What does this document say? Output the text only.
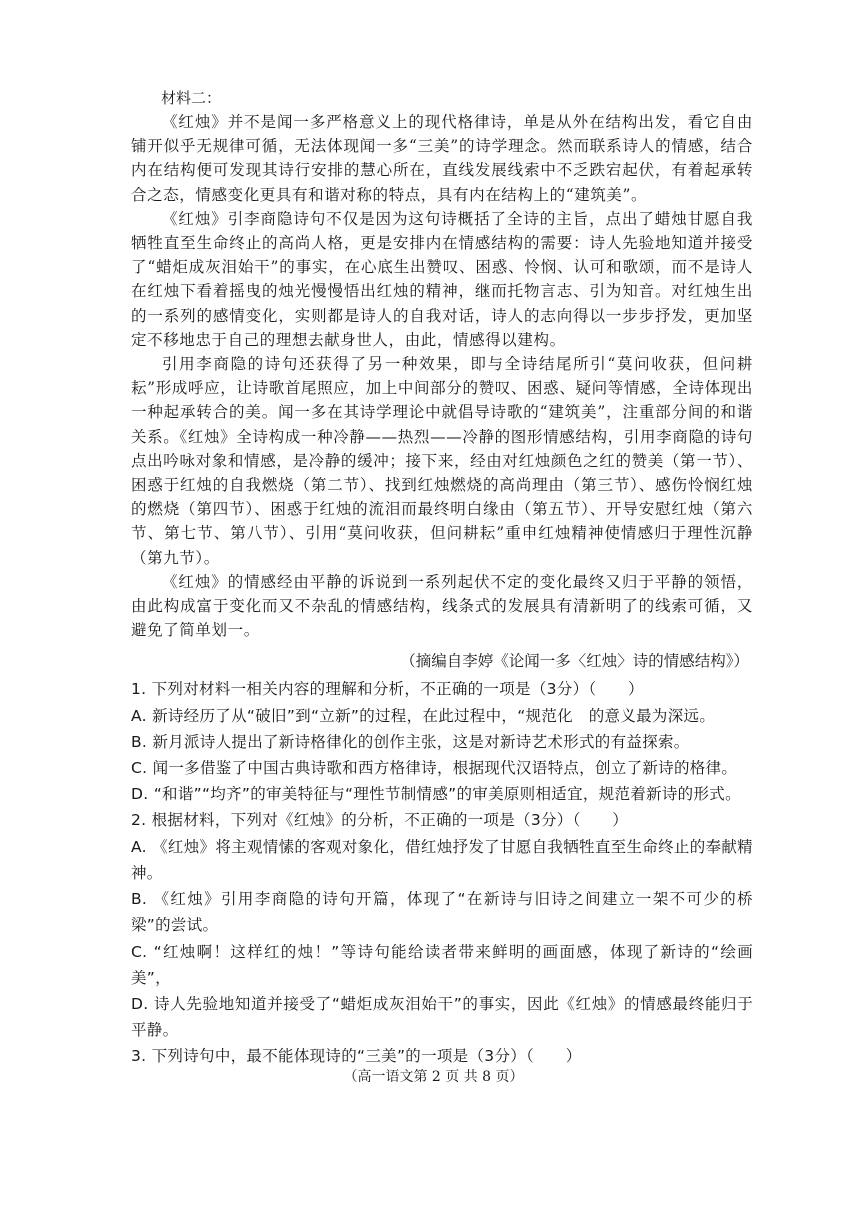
材料二：

《红烛》并不是闻一多严格意义上的现代格律诗，单是从外在结构出发，看它自由铺开似乎无规律可循，无法体现闻一多“三美”的诗学理念。然而联系诗人的情感，结合内在结构便可发现其诗行安排的慧心所在，直线发展线索中不乏跌宕起伏，有着起承转合之态，情感变化更具有和谐对称的特点，具有内在结构上的“建筑美”。

《红烛》引李商隐诗句不仅是因为这句诗概括了全诗的主旨，点出了蜡烛甘愿自我牺牲直至生命终止的高尚人格，更是安排内在情感结构的需要：诗人先验地知道并接受了“蜡炬成灰泪始干”的事实，在心底生出赞叹、困惑、怜悯、认可和歌颂，而不是诗人在红烛下看着摇曳的烛光慢慢悟出红烛的精神，继而托物言志、引为知音。对红烛生出的一系列的感情变化，实则都是诗人的自我对话，诗人的志向得以一步步抒发，更加坚定不移地忠于自己的理想去献身世人，由此，情感得以建构。

引用李商隐的诗句还获得了另一种效果，即与全诗结尾所引“莫问收获，但问耕耘”形成呼应，让诗歌首尾照应，加上中间部分的赞叹、困惑、疑问等情感，全诗体现出一种起承转合的美。闻一多在其诗学理论中就倡导诗歌的“建筑美”，注重部分间的和谐关系。《红烛》全诗构成一种冷静——热烈——冷静的图形情感结构，引用李商隐的诗句点出吟咏对象和情感，是冷静的缓冲；接下来，经由对红烛颜色之红的赞美（第一节）、困惑于红烛的自我燃烧（第二节）、找到红烛燃烧的高尚理由（第三节）、感伤怜悯红烛的燃烧（第四节）、困惑于红烛的流泪而最终明白缘由（第五节）、开导安慰红烛（第六节、第七节、第八节）、引用“莫问收获，但问耕耘”重申红烛精神使情感归于理性沉静（第九节）。

《红烛》的情感经由平静的诉说到一系列起伏不定的变化最终又归于平静的领悟，由此构成富于变化而又不杂乱的情感结构，线条式的发展具有清新明了的线索可循，又避免了简单划一。

（摘编自李婷《论闻一多〈红烛〉诗的情感结构》）

1. 下列对材料一相关内容的理解和分析，不正确的一项是（3分）（　　）

A. 新诗经历了从“破旧”到“立新”的过程，在此过程中，“规范化　的意义最为深远。

B. 新月派诗人提出了新诗格律化的创作主张，这是对新诗艺术形式的有益探索。

C. 闻一多借鉴了中国古典诗歌和西方格律诗，根据现代汉语特点，创立了新诗的格律。

D. “和谐”“均齐”的审美特征与“理性节制情感”的审美原则相适宜，规范着新诗的形式。

2. 根据材料，下列对《红烛》的分析，不正确的一项是（3分）（　　）

A. 《红烛》将主观情愫的客观对象化，借红烛抒发了甘愿自我牺牲直至生命终止的奉献精神。

B. 《红烛》引用李商隐的诗句开篇，体现了“在新诗与旧诗之间建立一架不可少的桥梁”的尝试。

C. “红烛啊！这样红的烛！”等诗句能给读者带来鲜明的画面感，体现了新诗的“绘画美”，

D. 诗人先验地知道并接受了“蜡炬成灰泪始干”的事实，因此《红烛》的情感最终能归于平静。

3. 下列诗句中，最不能体现诗的“三美”的一项是（3分）（　　）

（高一语文第 2 页 共 8 页）
